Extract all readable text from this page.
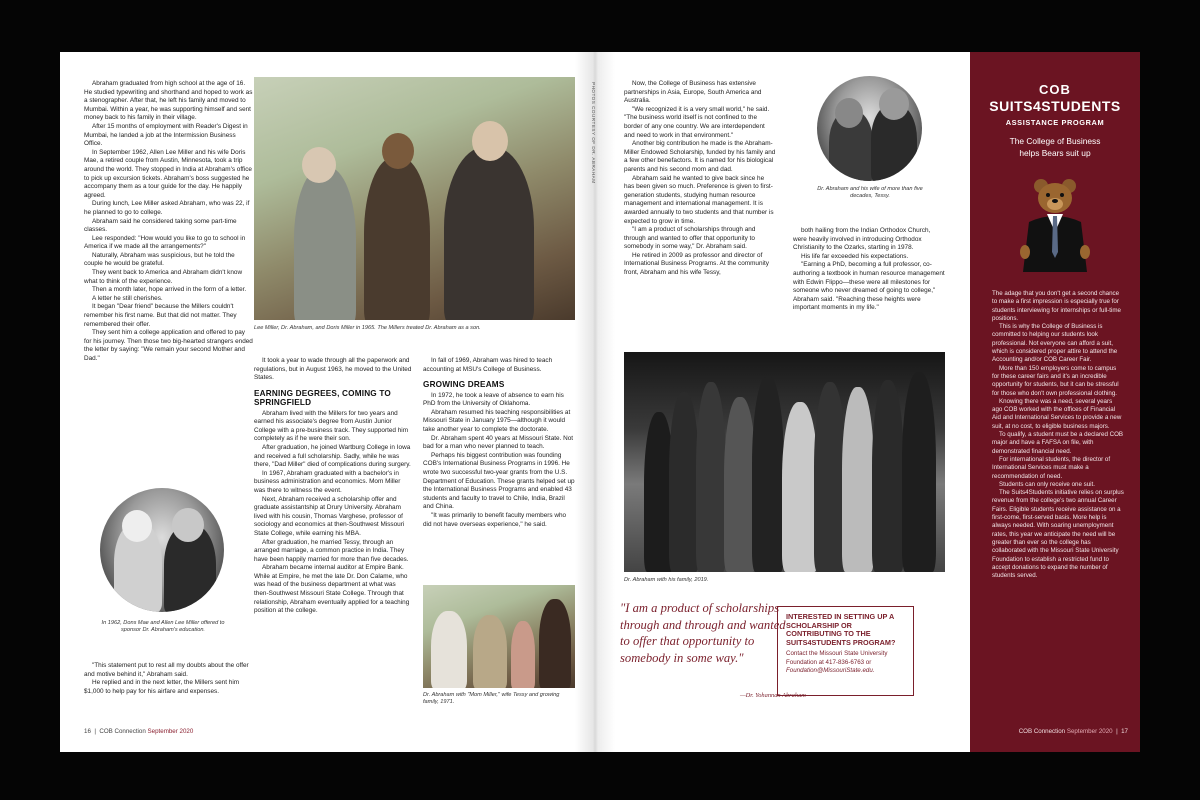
Abraham graduated from high school at the age of 16. He studied typewriting and shorthand and hoped to work as a stenographer. After that, he left his family and moved to Mumbai. Within a year, he was supporting himself and sent money back to his family in their village.

After 15 months of employment with Reader's Digest in Mumbai, he landed a job at the Intermission Business Office.

In September 1962, Allen Lee Miller and his wife Doris Mae, a retired couple from Austin, Minnesota, took a trip around the world. They stopped in India at Abraham's office to pick up excursion tickets. Abraham's boss suggested he accompany them as a tour guide for the day. He happily agreed.

During lunch, Lee Miller asked Abraham, who was 22, if he planned to go to college.

Abraham said he considered taking some part-time classes.

Lee responded: "How would you like to go to school in America if we made all the arrangements?"

Naturally, Abraham was suspicious, but he told the couple he would be grateful.

They went back to America and Abraham didn't know what to think of the experience.

Then a month later, hope arrived in the form of a letter.

A letter he still cherishes.

It began "Dear friend" because the Millers couldn't remember his first name. But that did not matter. They remembered their offer.

They sent him a college application and offered to pay for his journey. Then those two big-hearted strangers ended the letter by saying: "We remain your second Mother and Dad."

Lee Miller, Dr. Abraham, and Doris Miller in 1965. The Millers treated Dr. Abraham as a son.
In 1962, Dons Mae and Allen Lee Miller offered to sponsor Dr. Abraham's education.

"This statement put to rest all my doubts about the offer and motive behind it," Abraham said.

He replied and in the next letter, the Millers sent him $1,000 to help pay for his airfare and expenses.

It took a year to wade through all the paperwork and regulations, but in August 1963, he moved to the United States.

EARNING DEGREES, COMING TO SPRINGFIELD

Abraham lived with the Millers for two years and earned his associate's degree from Austin Junior College with a pre-business track. They supported him completely as if he were their son.

After graduation, he joined Wartburg College in Iowa and received a full scholarship. Sadly, while he was there, "Dad Miller" died of complications during surgery.

In 1967, Abraham graduated with a bachelor's in business administration and economics. Mom Miller was there to witness the event.

Next, Abraham received a scholarship offer and graduate assistantship at Drury University. Abraham lived with his cousin, Thomas Varghese, professor of sociology and economics at then-Southwest Missouri State College, while earning his MBA.

After graduation, he married Tessy, through an arranged marriage, a common practice in India. They have been happily married for more than five decades.

Abraham became internal auditor at Empire Bank. While at Empire, he met the late Dr. Don Calame, who was head of the business department at what was then-Southwest Missouri State College. Through that relationship, Abraham eventually applied for a teaching position at the college.

In fall of 1969, Abraham was hired to teach accounting at MSU's College of Business.

GROWING DREAMS

In 1972, he took a leave of absence to earn his PhD from the University of Oklahoma.

Abraham resumed his teaching responsibilities at Missouri State in January 1975—although it would take another year to complete the doctorate.

Dr. Abraham spent 40 years at Missouri State. Not bad for a man who never planned to teach.

Perhaps his biggest contribution was founding COB's International Business Programs in 1996. He wrote two successful two-year grants from the U.S. Department of Education. These grants helped set up the International Business Programs and enabled 43 students and faculty to travel to Chile, India, Brazil and China.

"It was primarily to benefit faculty members who did not have overseas experience," he said.

Dr. Abraham with "Mom Miller," wife Tessy and growing family, 1971.
16  |  COB Connection September 2020
PHOTOS COURTESY OF DR. ABRAHAM	Now, the College of Business has extensive partnerships in Asia, Europe, South America and Australia.

"We recognized it is a very small world," he said. "The business world itself is not confined to the border of any one country. We are interdependent and need to work in that environment."

Another big contribution he made is the Abraham-Miller Endowed Scholarship, funded by his family and a few other benefactors. It is named for his biological parents and his second mom and dad.

Abraham said he wanted to give back since he has been given so much. Preference is given to first-generation students, studying human resource management and international management. It is awarded annually to two students and that number is expected to grow in time.

"I am a product of scholarships through and through and wanted to offer that opportunity to somebody in some way," Dr. Abraham said.

He retired in 2009 as professor and director of International Business Programs. At the community front, Abraham and his wife Tessy,

Dr. Abraham and his wife of more than five decades, Tessy.

both hailing from the Indian Orthodox Church, were heavily involved in introducing Orthodox Christianity to the Ozarks, starting in 1978.

His life far exceeded his expectations.

"Earning a PhD, becoming a full professor, co-authoring a textbook in human resource management with Edwin Flippo—these were all milestones for someone who never dreamed of going to college," Abraham said. "Reaching these heights were important moments in my life."

Dr. Abraham with his family, 2019.
"I am a product of scholarships through and through and wanted to offer that opportunity to somebody in some way."
—Dr. Yohannan Abraham
INTERESTED IN SETTING UP A SCHOLARSHIP OR CONTRIBUTING TO THE SUITS4STUDENTS PROGRAM?
Contact the Missouri State University
Foundation at 417-836-6763 or
Foundation@MissouriState.edu.
COB
SUITS4STUDENTS
ASSISTANCE PROGRAM
The College of Business
helps Bears suit up

The adage that you don't get a second chance to make a first impression is especially true for students interviewing for internships or full-time positions.

This is why the College of Business is committed to helping our students look professional. Not everyone can afford a suit, which is considered proper attire to attend the Accounting and/or COB Career Fair.

More than 150 employers come to campus for these career fairs and it's an incredible opportunity for students, but it can be stressful for those who don't own professional clothing.

Knowing there was a need, several years ago COB worked with the offices of Financial Aid and International Services to provide a new suit, at no cost, to eligible business majors.

To qualify, a student must be a declared COB major and have a FAFSA on file, with demonstrated financial need.

For international students, the director of International Services must make a recommendation of need.

Students can only receive one suit.

The Suits4Students initiative relies on surplus revenue from the college's two annual Career Fairs. Eligible students receive assistance on a first-come, first-served basis. More help is always needed. With soaring unemployment rates, this year we anticipate the need will be greater than ever so the college has collaborated with the Missouri State University Foundation to establish a restricted fund to accept donations to expand the number of students served.

COB Connection September 2020  |  17
